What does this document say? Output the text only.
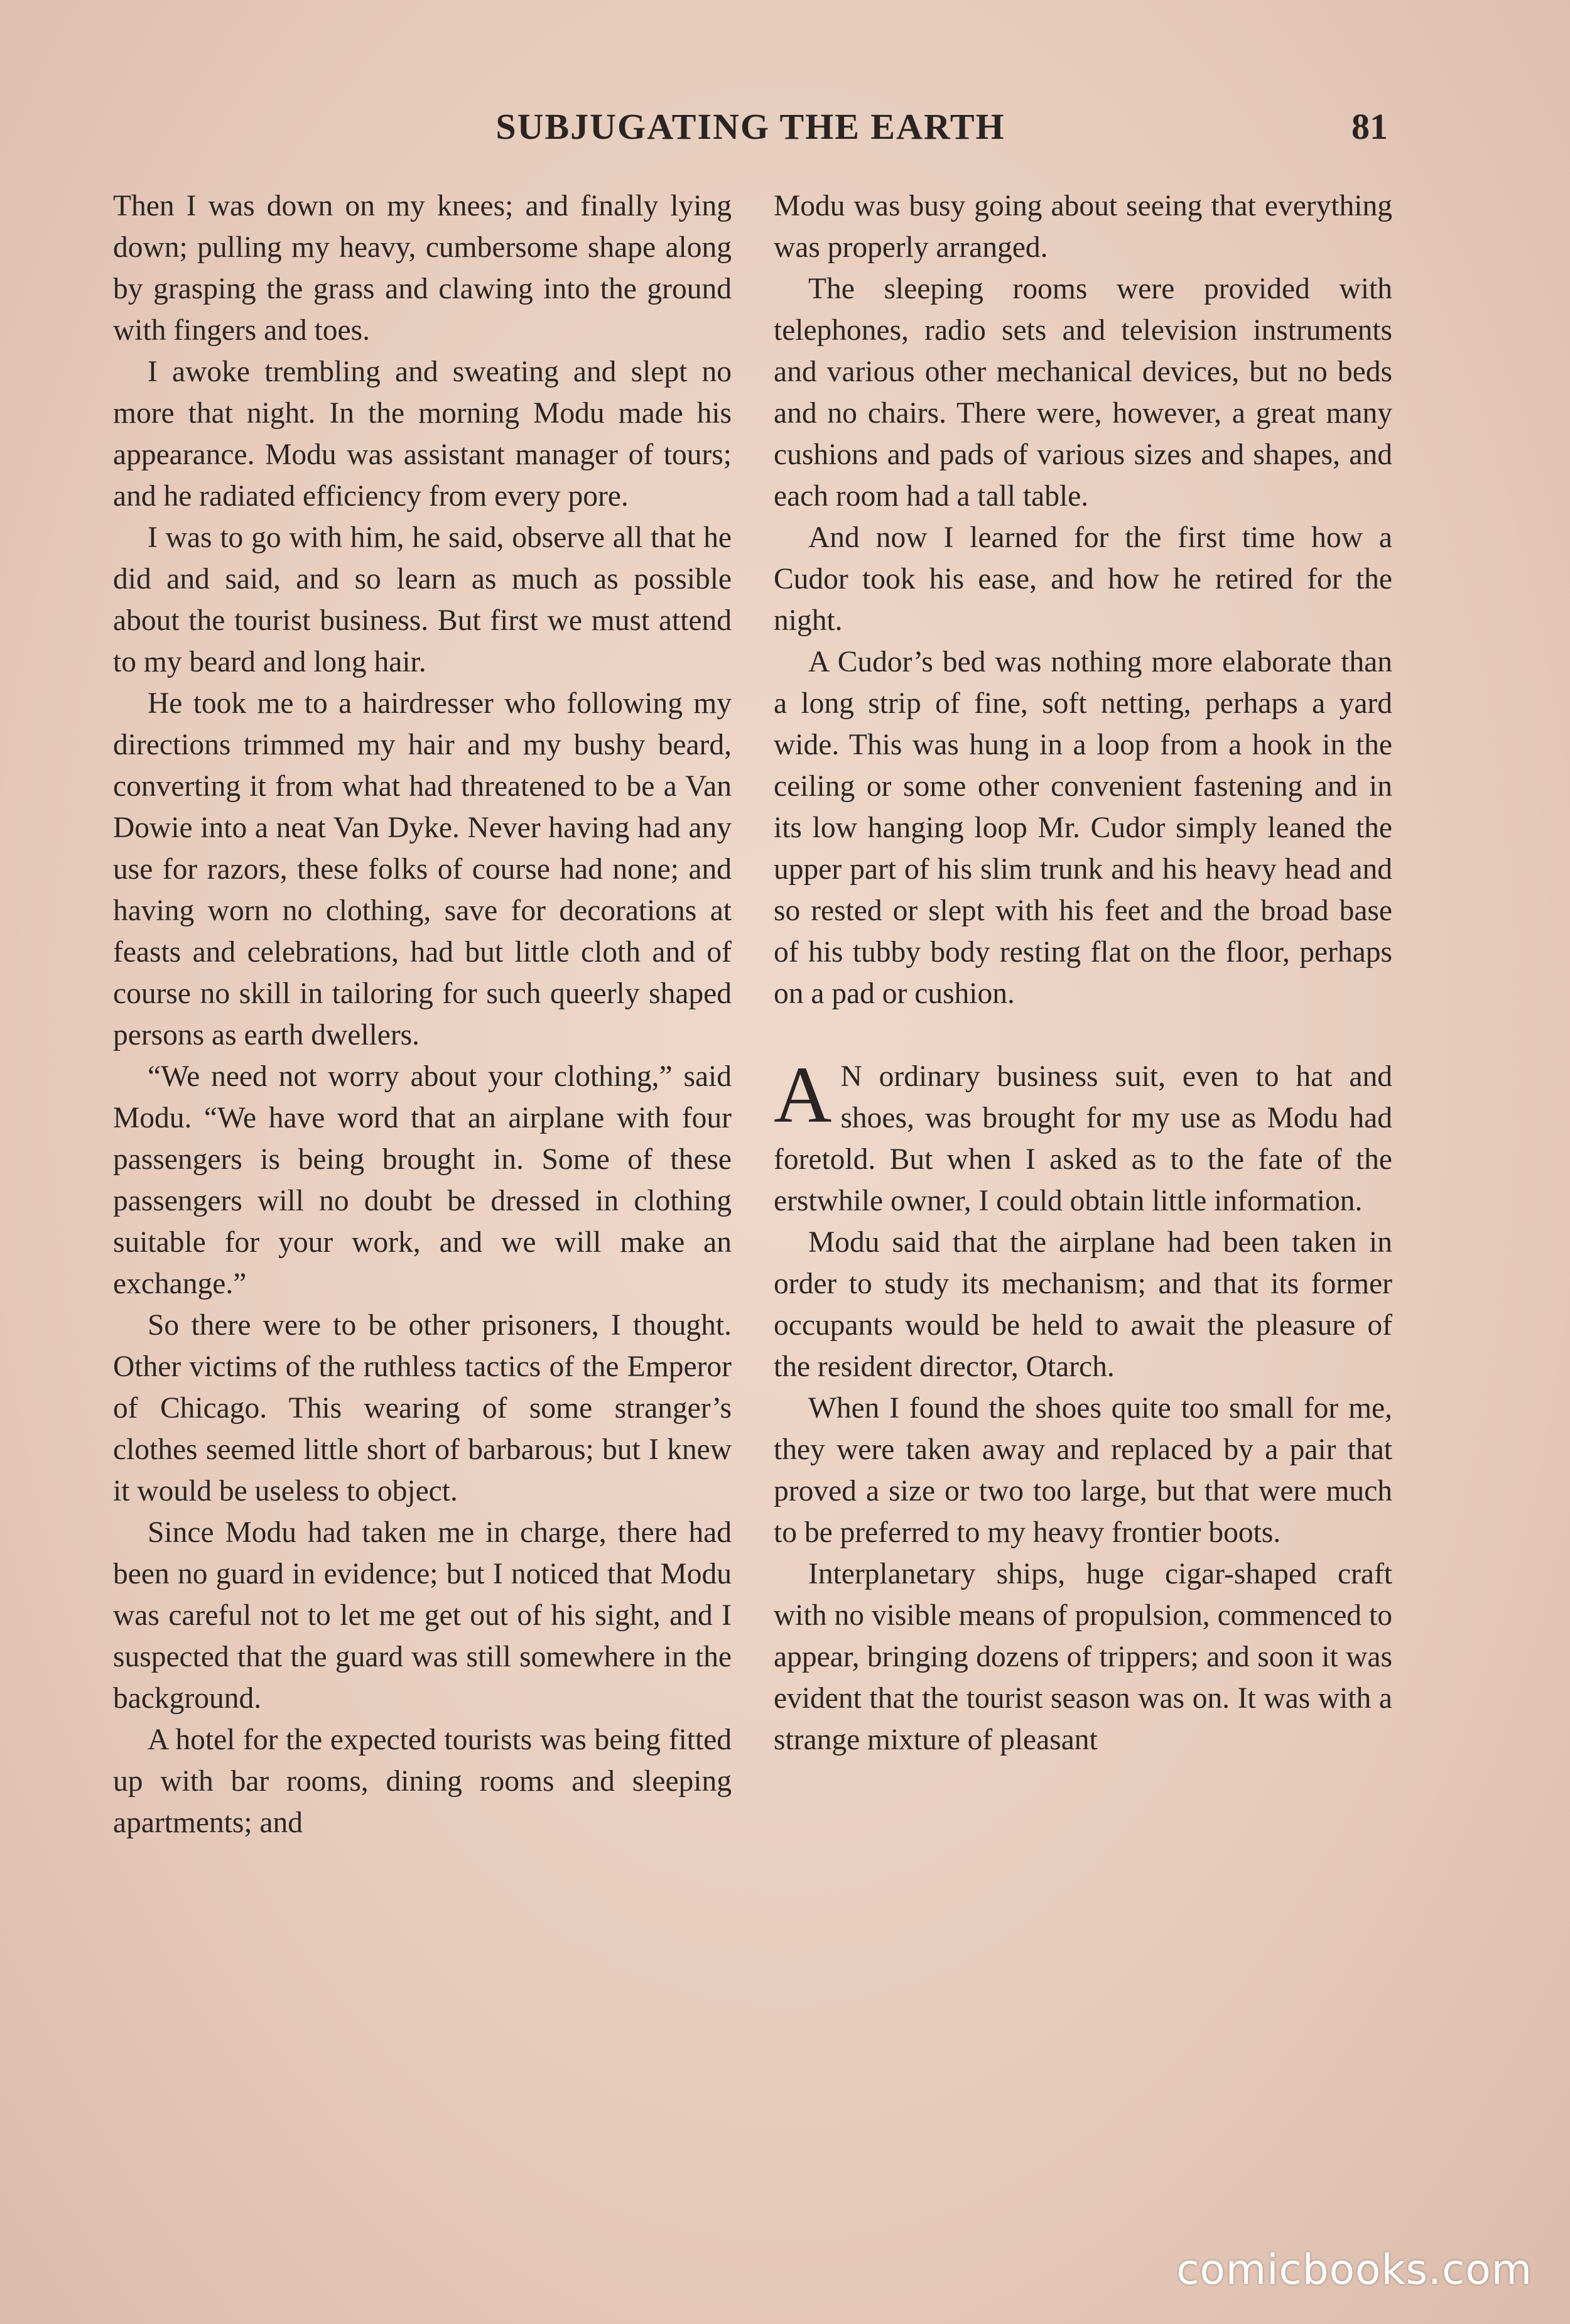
SUBJUGATING THE EARTH	81

Then I was down on my knees; and finally lying down; pulling my heavy, cumbersome shape along by grasping the grass and clawing into the ground with fingers and toes.

I awoke trembling and sweating and slept no more that night. In the morning Modu made his appearance. Modu was assistant manager of tours; and he radiated efficiency from every pore.

I was to go with him, he said, observe all that he did and said, and so learn as much as possible about the tourist business. But first we must attend to my beard and long hair.

He took me to a hairdresser who following my directions trimmed my hair and my bushy beard, converting it from what had threatened to be a Van Dowie into a neat Van Dyke. Never having had any use for razors, these folks of course had none; and having worn no clothing, save for decorations at feasts and celebrations, had but little cloth and of course no skill in tailoring for such queerly shaped persons as earth dwellers.

“We need not worry about your clothing,” said Modu. “We have word that an airplane with four passengers is being brought in. Some of these passengers will no doubt be dressed in clothing suitable for your work, and we will make an exchange.”

So there were to be other prisoners, I thought. Other victims of the ruthless tactics of the Emperor of Chicago. This wearing of some stranger’s clothes seemed little short of barbarous; but I knew it would be useless to object.

Since Modu had taken me in charge, there had been no guard in evidence; but I noticed that Modu was careful not to let me get out of his sight, and I suspected that the guard was still somewhere in the background.

A hotel for the expected tourists was being fitted up with bar rooms, dining rooms and sleeping apartments; and

Modu was busy going about seeing that everything was properly arranged.

The sleeping rooms were provided with telephones, radio sets and television instruments and various other mechanical devices, but no beds and no chairs. There were, however, a great many cushions and pads of various sizes and shapes, and each room had a tall table.

And now I learned for the first time how a Cudor took his ease, and how he retired for the night.

A Cudor’s bed was nothing more elaborate than a long strip of fine, soft netting, perhaps a yard wide. This was hung in a loop from a hook in the ceiling or some other convenient fastening and in its low hanging loop Mr. Cudor simply leaned the upper part of his slim trunk and his heavy head and so rested or slept with his feet and the broad base of his tubby body resting flat on the floor, perhaps on a pad or cushion.

A N ordinary business suit, even to hat and shoes, was brought for my use as Modu had foretold. But when I asked as to the fate of the erstwhile owner, I could obtain little information.

Modu said that the airplane had been taken in order to study its mechanism; and that its former occupants would be held to await the pleasure of the resident director, Otarch.

When I found the shoes quite too small for me, they were taken away and replaced by a pair that proved a size or two too large, but that were much to be preferred to my heavy frontier boots.

Interplanetary ships, huge cigar-shaped craft with no visible means of propulsion, commenced to appear, bringing dozens of trippers; and soon it was evident that the tourist season was on. It was with a strange mixture of pleasant

comicbooks.com
